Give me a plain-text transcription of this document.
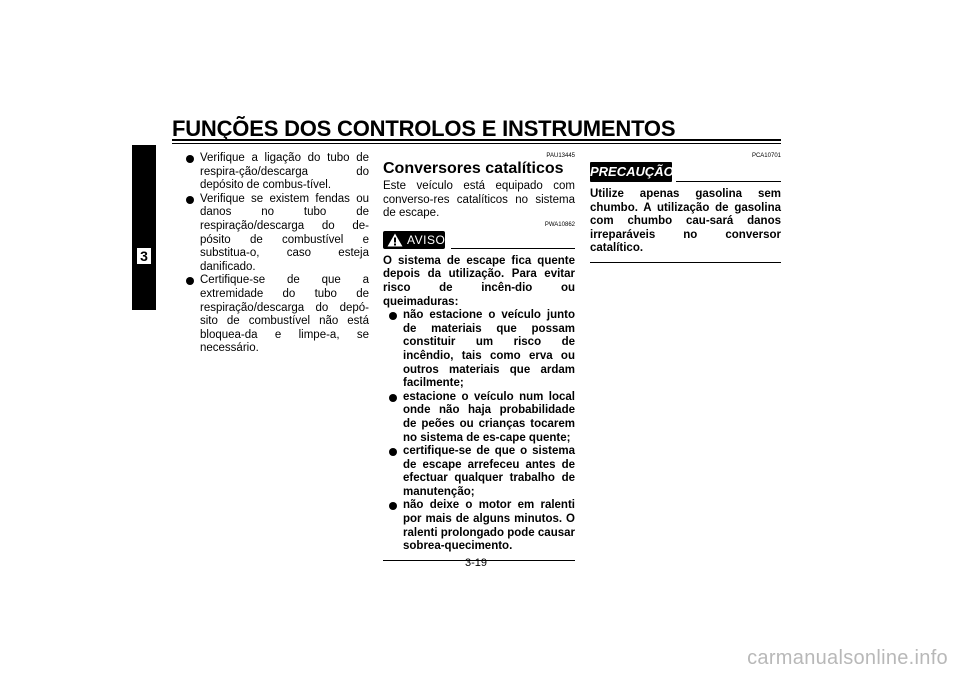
FUNÇÕES DOS CONTROLOS E INSTRUMENTOS
3
Verifique a ligação do tubo de respira-ção/descarga do depósito de combus-tível.
Verifique se existem fendas ou danos no tubo de respiração/descarga do de-pósito de combustível e substitua-o, caso esteja danificado.
Certifique-se de que a extremidade do tubo de respiração/descarga do depó-sito de combustível não está bloquea-da e limpe-a, se necessário.
PAU13445
Conversores catalíticos

Este veículo está equipado com converso-res catalíticos no sistema de escape.

PWA10862
AVISO

O sistema de escape fica quente depois da utilização. Para evitar risco de incên-dio ou queimaduras:

não estacione o veículo junto de materiais que possam constituir um risco de incêndio, tais como erva ou outros materiais que ardam facilmente;
estacione o veículo num local onde não haja probabilidade de peões ou crianças tocarem no sistema de es-cape quente;
certifique-se de que o sistema de escape arrefeceu antes de efectuar qualquer trabalho de manutenção;
não deixe o motor em ralenti por mais de alguns minutos. O ralenti prolongado pode causar sobrea-quecimento.
PCA10701
PRECAUÇÃO

Utilize apenas gasolina sem chumbo. A utilização de gasolina com chumbo cau-sará danos irreparáveis no conversor catalítico.

3-19
carmanualsonline.info
